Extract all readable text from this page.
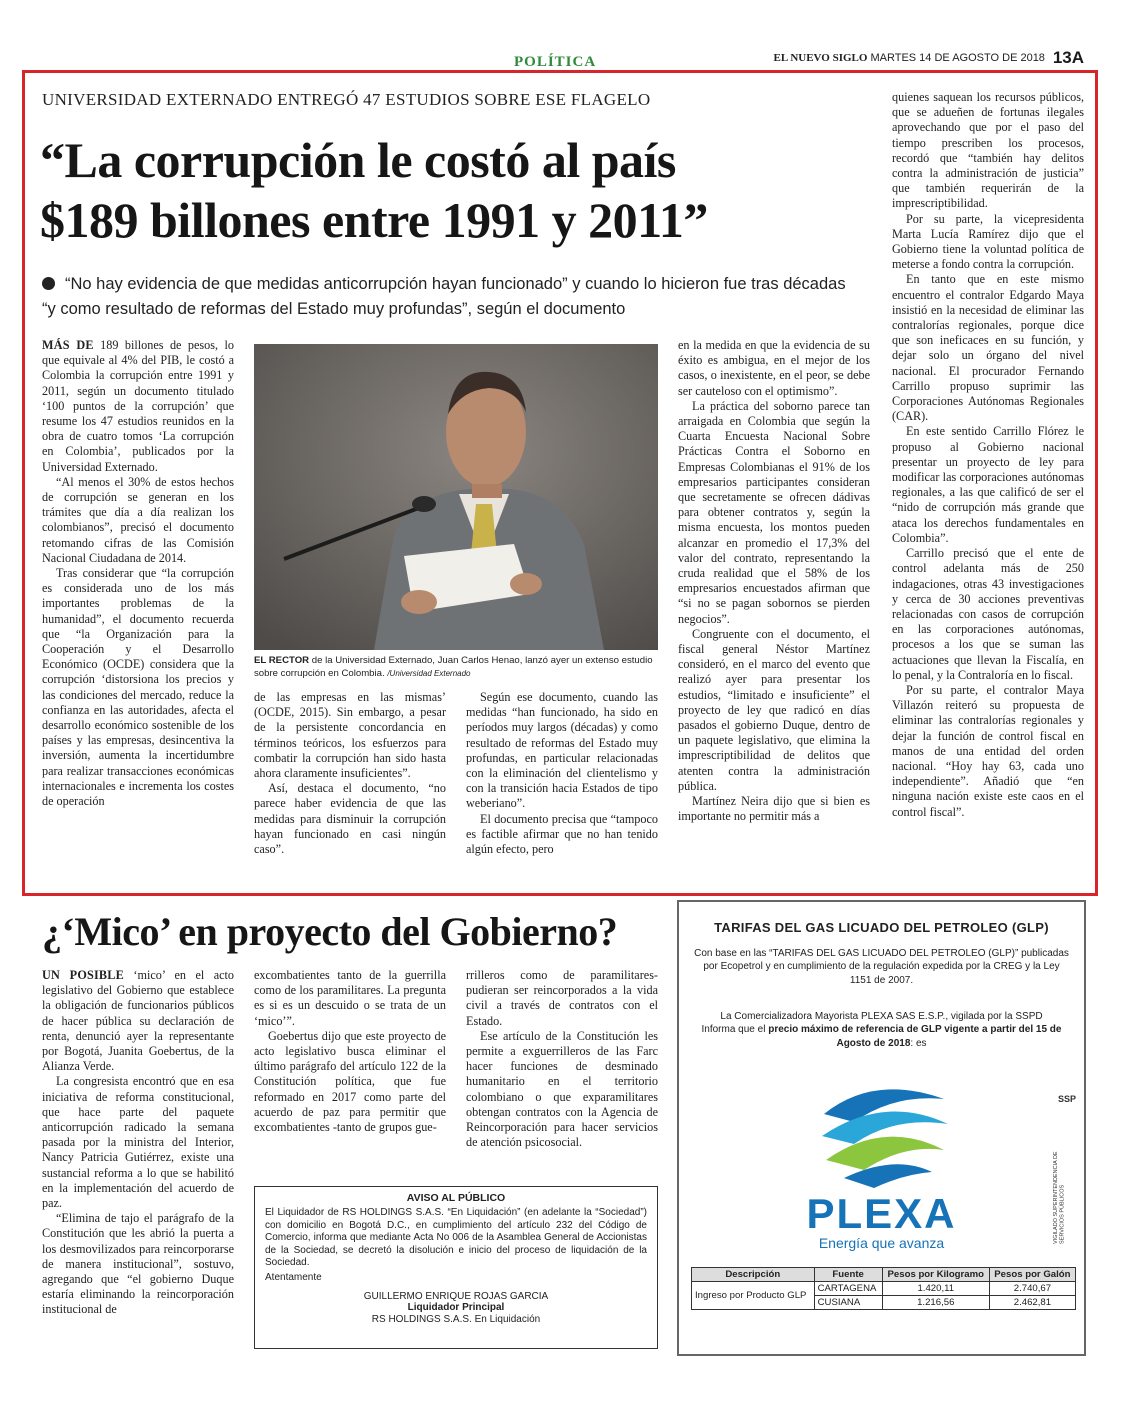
POLÍTICA	EL NUEVO SIGLO MARTES 14 DE AGOSTO DE 2018 13A
UNIVERSIDAD EXTERNADO ENTREGÓ 47 ESTUDIOS SOBRE ESE FLAGELO
“La corrupción le costó al país
$189 billones entre 1991 y 2011”
“No hay evidencia de que medidas anticorrupción hayan funcionado” y cuando lo hicieron fue tras décadas “y como resultado de reformas del Estado muy profundas”, según el documento

MÁS DE 189 billones de pesos, lo que equivale al 4% del PIB, le costó a Colombia la corrupción entre 1991 y 2011, según un documento titulado ‘100 puntos de la corrupción’ que resume los 47 estudios reunidos en la obra de cuatro tomos ‘La corrupción en Colombia’, publicados por la Universidad Externado.

“Al menos el 30% de estos hechos de corrupción se generan en los trámites que día a día realizan los colombianos”, precisó el documento retomando cifras de las Comisión Nacional Ciudadana de 2014.

Tras considerar que “la corrupción es considerada uno de los más importantes problemas de la humanidad”, el documento recuerda que “la Organización para la Cooperación y el Desarrollo Económico (OCDE) considera que la corrupción ‘distorsiona los precios y las condiciones del mercado, reduce la confianza en las autoridades, afecta el desarrollo económico sostenible de los países y las empresas, desincentiva la inversión, aumenta la incertidumbre para realizar transacciones económicas internacionales e incrementa los costes de operación

EL RECTOR de la Universidad Externado, Juan Carlos Henao, lanzó ayer un extenso estudio sobre corrupción en Colombia. /Universidad Externado

de las empresas en las mismas’ (OCDE, 2015). Sin embargo, a pesar de la persistente concordancia en términos teóricos, los esfuerzos para combatir la corrupción han sido hasta ahora claramente insuficientes”.

Así, destaca el documento, “no parece haber evidencia de que las medidas para disminuir la corrupción hayan funcionado en casi ningún caso”.

Según ese documento, cuando las medidas “han funcionado, ha sido en períodos muy largos (décadas) y como resultado de reformas del Estado muy profundas, en particular relacionadas con la eliminación del clientelismo y con la transición hacia Estados de tipo weberiano”.

El documento precisa que “tampoco es factible afirmar que no han tenido algún efecto, pero

en la medida en que la evidencia de su éxito es ambigua, en el mejor de los casos, o inexistente, en el peor, se debe ser cauteloso con el optimismo”.

La práctica del soborno parece tan arraigada en Colombia que según la Cuarta Encuesta Nacional Sobre Prácticas Contra el Soborno en Empresas Colombianas el 91% de los empresarios participantes consideran que secretamente se ofrecen dádivas para obtener contratos y, según la misma encuesta, los montos pueden alcanzar en promedio el 17,3% del valor del contrato, representando la cruda realidad que el 58% de los empresarios encuestados afirman que “si no se pagan sobornos se pierden negocios”.

Congruente con el documento, el fiscal general Néstor Martínez consideró, en el marco del evento que realizó ayer para presentar los estudios, “limitado e insuficiente” el proyecto de ley que radicó en días pasados el gobierno Duque, dentro de un paquete legislativo, que elimina la imprescriptibilidad de delitos que atenten contra la administración pública.

Martínez Neira dijo que si bien es importante no permitir más a

quienes saquean los recursos públicos, que se adueñen de fortunas ilegales aprovechando que por el paso del tiempo prescriben los procesos, recordó que “también hay delitos contra la administración de justicia” que también requerirán de la imprescriptibilidad.

Por su parte, la vicepresidenta Marta Lucía Ramírez dijo que el Gobierno tiene la voluntad política de meterse a fondo contra la corrupción.

En tanto que en este mismo encuentro el contralor Edgardo Maya insistió en la necesidad de eliminar las contralorías regionales, porque dice que son ineficaces en su función, y dejar solo un órgano del nivel nacional. El procurador Fernando Carrillo propuso suprimir las Corporaciones Autónomas Regionales (CAR).

En este sentido Carrillo Flórez le propuso al Gobierno nacional presentar un proyecto de ley para modificar las corporaciones autónomas regionales, a las que calificó de ser el “nido de corrupción más grande que ataca los derechos fundamentales en Colombia”.

Carrillo precisó que el ente de control adelanta más de 250 indagaciones, otras 43 investigaciones y cerca de 30 acciones preventivas relacionadas con casos de corrupción en las corporaciones autónomas, procesos a los que se suman las actuaciones que llevan la Fiscalía, en lo penal, y la Contraloría en lo fiscal.

Por su parte, el contralor Maya Villazón reiteró su propuesta de eliminar las contralorías regionales y dejar la función de control fiscal en manos de una entidad del orden nacional. “Hoy hay 63, cada uno independiente”. Añadió que “en ninguna nación existe este caos en el control fiscal”.

¿‘Mico’ en proyecto del Gobierno?

UN POSIBLE ‘mico’ en el acto legislativo del Gobierno que establece la obligación de funcionarios públicos de hacer pública su declaración de renta, denunció ayer la representante por Bogotá, Juanita Goebertus, de la Alianza Verde.

La congresista encontró que en esa iniciativa de reforma constitucional, que hace parte del paquete anticorrupción radicado la semana pasada por la ministra del Interior, Nancy Patricia Gutiérrez, existe una sustancial reforma a lo que se habilitó en la implementación del acuerdo de paz.

“Elimina de tajo el parágrafo de la Constitución que les abrió la puerta a los desmovilizados para reincorporarse de manera institucional”, sostuvo, agregando que “el gobierno Duque estaría eliminando la reincorporación institucional de

excombatientes tanto de la guerrilla como de los paramilitares. La pregunta es si es un descuido o se trata de un ‘mico’”.

Goebertus dijo que este proyecto de acto legislativo busca eliminar el último parágrafo del artículo 122 de la Constitución política, que fue reformado en 2017 como parte del acuerdo de paz para permitir que excombatientes -tanto de grupos gue-

rrilleros como de paramilitares- pudieran ser reincorporados a la vida civil a través de contratos con el Estado.

Ese artículo de la Constitución les permite a exguerrilleros de las Farc hacer funciones de desminado humanitario en el territorio colombiano o que exparamilitares obtengan contratos con la Agencia de Reincorporación para hacer servicios de atención psicosocial.

AVISO AL PÚBLICO
El Liquidador de RS HOLDINGS S.A.S. “En Liquidación” (en adelante la “Sociedad”) con domicilio en Bogotá D.C., en cumplimiento del artículo 232 del Código de Comercio, informa que mediante Acta No 006 de la Asamblea General de Accionistas de la Sociedad, se decretó la disolución e inicio del proceso de liquidación de la Sociedad.
Atentamente
GUILLERMO ENRIQUE ROJAS GARCIA
Liquidador Principal
RS HOLDINGS S.A.S. En Liquidación
TARIFAS DEL GAS LICUADO DEL PETROLEO (GLP)
Con base en las “TARIFAS DEL GAS LICUADO DEL PETROLEO (GLP)” publicadas por Ecopetrol y en cumplimiento de la regulación expedida por la CREG y la Ley 1151 de 2007.
La Comercializadora Mayorista PLEXA SAS E.S.P., vigilada por la SSPD
Informa que el precio máximo de referencia de GLP vigente a partir del 15 de Agosto de 2018: es
PLEXA
Energía que avanza
SSP
VIGILADO SUPERINTENDENCIA DE SERVICIOS PÚBLICOS
Descripción	Fuente	Pesos por Kilogramo	Pesos por Galón
Ingreso por Producto GLP	CARTAGENA	1.420,11	2.740,67
	CUSIANA	1.216,56	2.462,81
